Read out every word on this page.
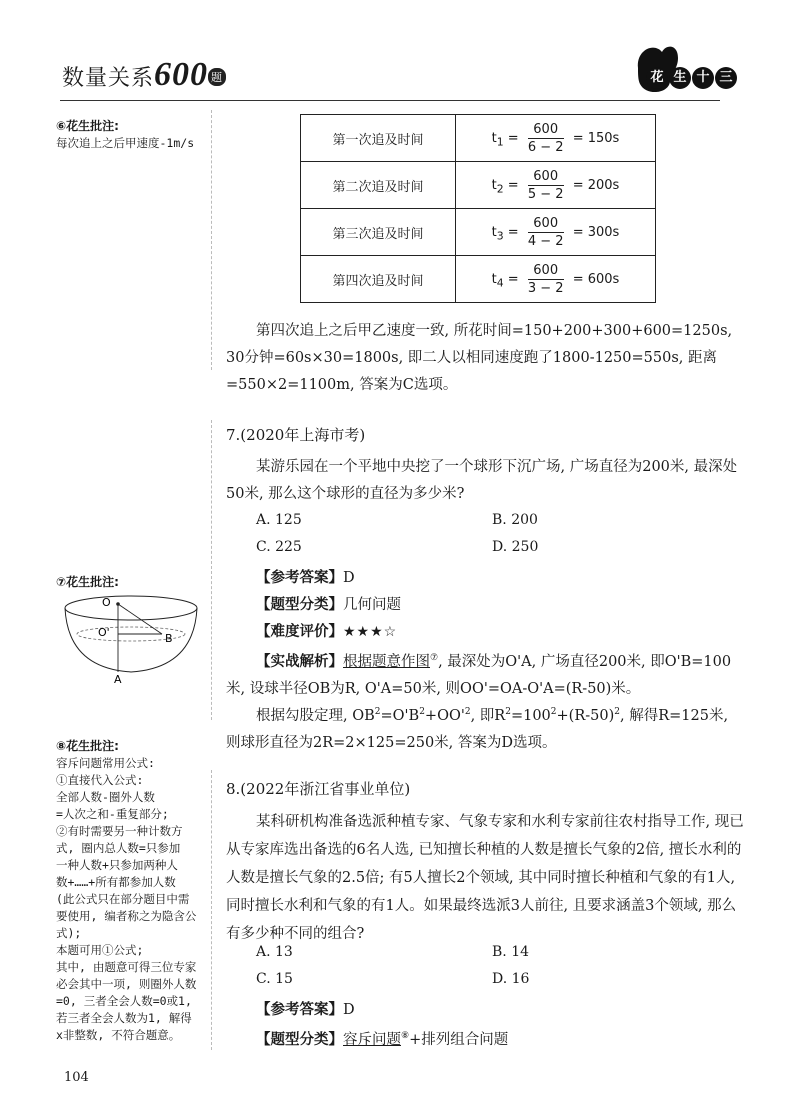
数量关系600 题	花 生 十 三
⑥花生批注:
每次追上之后甲速度-1m/s
⑦花生批注:
O
O'	B
A
⑧花生批注:
容斥问题常用公式:
①直接代入公式:
全部人数-圈外人数
=人次之和-重复部分;
②有时需要另一种计数方
式, 圈内总人数=只参加
一种人数+只参加两种人
数+……+所有都参加人数
(此公式只在部分题目中需
要使用, 编者称之为隐含公
式);
本题可用①公式;
其中, 由题意可得三位专家
必会其中一项, 则圈外人数
=0, 三者全会人数=0或1,
若三者全会人数为1, 解得
x非整数, 不符合题意。
第一次追及时间	$t_1 = \frac{600}{6 - 2} = 150s$
第二次追及时间	$t_2 = \frac{600}{5 - 2} = 200s$
第三次追及时间	$t_3 = \frac{600}{4 - 2} = 300s$
第四次追及时间	$t_4 = \frac{600}{3 - 2} = 600s$
第四次追上之后甲乙速度一致, 所花时间=150+200+300+600=1250s, 30分钟=60s×30=1800s, 即二人以相同速度跑了1800-1250=550s, 距离=550×2=1100m, 答案为C选项。
7.(2020年上海市考)
某游乐园在一个平地中央挖了一个球形下沉广场, 广场直径为200米, 最深处50米, 那么这个球形的直径为多少米?
A. 125	B. 200
C. 225	D. 250
【参考答案】D
【题型分类】几何问题
【难度评价】★★★☆
【实战解析】根据题意作图⑦, 最深处为O'A, 广场直径200米, 即O'B=100米, 设球半径OB为R, O'A=50米, 则OO'=OA-O'A=(R-50)米。
根据勾股定理, $OB^2=O'B^2+OO'^2$, 即$R^2=100^2+(R-50)^2$, 解得R=125米, 则球形直径为2R=2×125=250米, 答案为D选项。
8.(2022年浙江省事业单位)
某科研机构准备选派种植专家、气象专家和水利专家前往农村指导工作, 现已从专家库选出备选的6名人选, 已知擅长种植的人数是擅长气象的2倍, 擅长水利的人数是擅长气象的2.5倍; 有5人擅长2个领域, 其中同时擅长种植和气象的有1人, 同时擅长水利和气象的有1人。如果最终选派3人前往, 且要求涵盖3个领域, 那么有多少种不同的组合?
A. 13	B. 14
C. 15	D. 16
【参考答案】D
【题型分类】容斥问题⑧+排列组合问题
104
